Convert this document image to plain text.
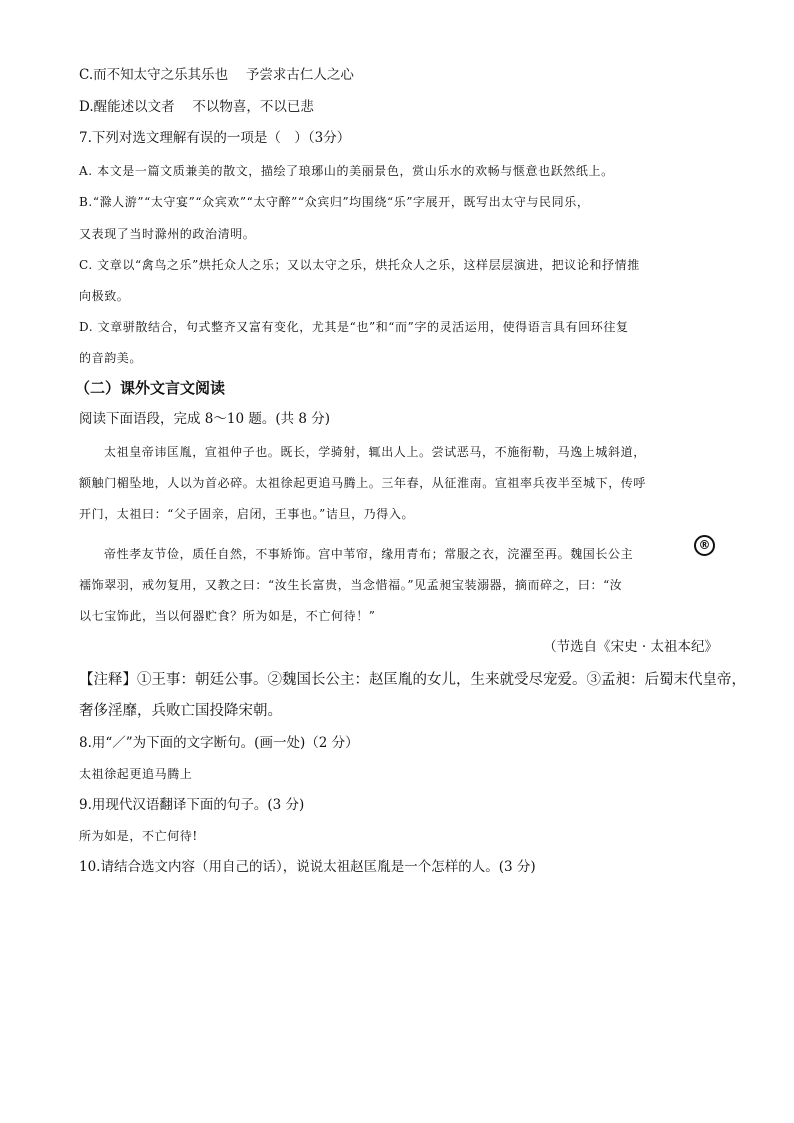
C.而不知太守之乐其乐也　 予尝求古仁人之心
D.醒能述以文者　 不以物喜，不以已悲
7.下列对选文理解有误的一项是（　）（3分）
A. 本文是一篇文质兼美的散文，描绘了琅琊山的美丽景色，赏山乐水的欢畅与惬意也跃然纸上。
B.“滁人游”“太守宴”“众宾欢”“太守醉”“众宾归”均围绕“乐”字展开，既写出太守与民同乐，
又表现了当时滁州的政治清明。
C. 文章以“禽鸟之乐”烘托众人之乐；又以太守之乐，烘托众人之乐，这样层层演进，把议论和抒情推
向极致。
D. 文章骈散结合，句式整齐又富有变化，尤其是“也”和“而”字的灵活运用，使得语言具有回环往复
的音韵美。
（二）课外文言文阅读
阅读下面语段，完成 8～10 题。(共 8 分)
太祖皇帝讳匡胤，宣祖仲子也。既长，学骑射，辄出人上。尝试恶马，不施衔勒，马逸上城斜道，
额触门楣坠地，人以为首必碎。太祖徐起更追马腾上。三年春，从征淮南。宣祖率兵夜半至城下，传呼
开门，太祖曰：“父子固亲，启闭，王事也。”诘旦，乃得入。
帝性孝友节俭，质任自然，不事矫饰。宫中苇帘，缘用青布；常服之衣，浣濯至再。魏国长公主
®
襦饰翠羽，戒勿复用，又教之曰：“汝生长富贵，当念惜福。”见孟昶宝装溺器，摘而碎之，曰：“汝
以七宝饰此，当以何器贮食？所为如是，不亡何待！”
（节选自《宋史 · 太祖本纪》
【注释】①王事：朝廷公事。②魏国长公主：赵匡胤的女儿，生来就受尽宠爱。③孟昶：后蜀末代皇帝，
奢侈淫靡，兵败亡国投降宋朝。
8.用“／”为下面的文字断句。(画一处)（2 分）
太祖徐起更追马腾上
9.用现代汉语翻译下面的句子。(3 分)
所为如是，不亡何待!
10.请结合选文内容（用自己的话），说说太祖赵匡胤是一个怎样的人。(3 分)
